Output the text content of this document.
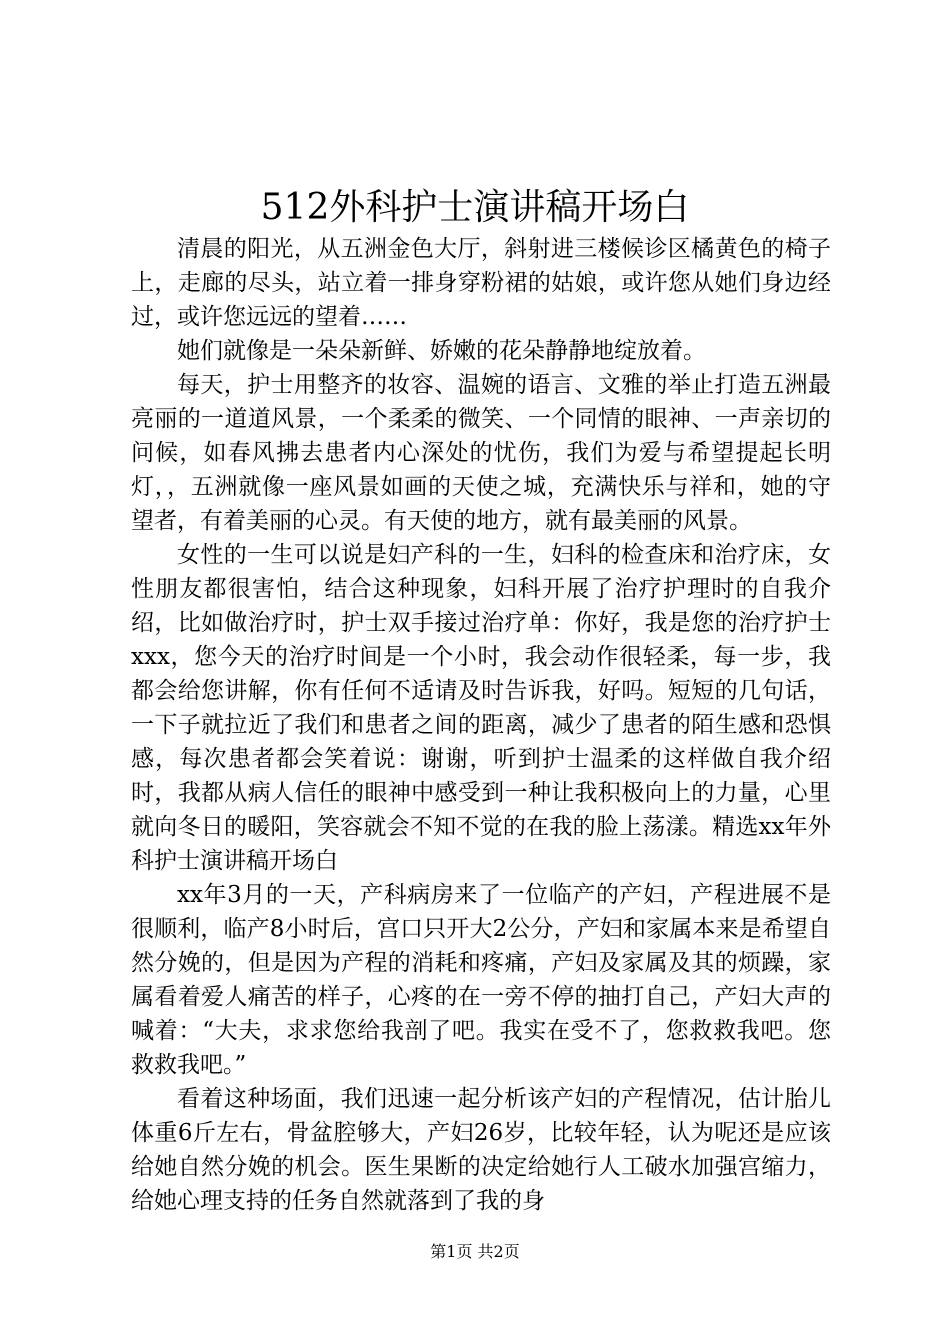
512外科护士演讲稿开场白

清晨的阳光，从五洲金色大厅，斜射进三楼候诊区橘黄色的椅子上，走廊的尽头，站立着一排身穿粉裙的姑娘，或许您从她们身边经过，或许您远远的望着……

她们就像是一朵朵新鲜、娇嫩的花朵静静地绽放着。

每天，护士用整齐的妆容、温婉的语言、文雅的举止打造五洲最亮丽的一道道风景，一个柔柔的微笑、一个同情的眼神、一声亲切的问候，如春风拂去患者内心深处的忧伤，我们为爱与希望提起长明灯，，五洲就像一座风景如画的天使之城，充满快乐与祥和，她的守望者，有着美丽的心灵。有天使的地方，就有最美丽的风景。

女性的一生可以说是妇产科的一生，妇科的检查床和治疗床，女性朋友都很害怕，结合这种现象，妇科开展了治疗护理时的自我介绍，比如做治疗时，护士双手接过治疗单：你好，我是您的治疗护士xxx，您今天的治疗时间是一个小时，我会动作很轻柔，每一步，我都会给您讲解，你有任何不适请及时告诉我，好吗。短短的几句话，一下子就拉近了我们和患者之间的距离，减少了患者的陌生感和恐惧感，每次患者都会笑着说：谢谢，听到护士温柔的这样做自我介绍时，我都从病人信任的眼神中感受到一种让我积极向上的力量，心里就向冬日的暖阳，笑容就会不知不觉的在我的脸上荡漾。精选xx年外科护士演讲稿开场白

xx年3月的一天，产科病房来了一位临产的产妇，产程进展不是很顺利，临产8小时后，宫口只开大2公分，产妇和家属本来是希望自然分娩的，但是因为产程的消耗和疼痛，产妇及家属及其的烦躁，家属看着爱人痛苦的样子，心疼的在一旁不停的抽打自己，产妇大声的喊着：“大夫，求求您给我剖了吧。我实在受不了，您救救我吧。您救救我吧。”

看着这种场面，我们迅速一起分析该产妇的产程情况，估计胎儿体重6斤左右，骨盆腔够大，产妇26岁，比较年轻，认为呢还是应该给她自然分娩的机会。医生果断的决定给她行人工破水加强宫缩力，给她心理支持的任务自然就落到了我的身

第1页 共2页
